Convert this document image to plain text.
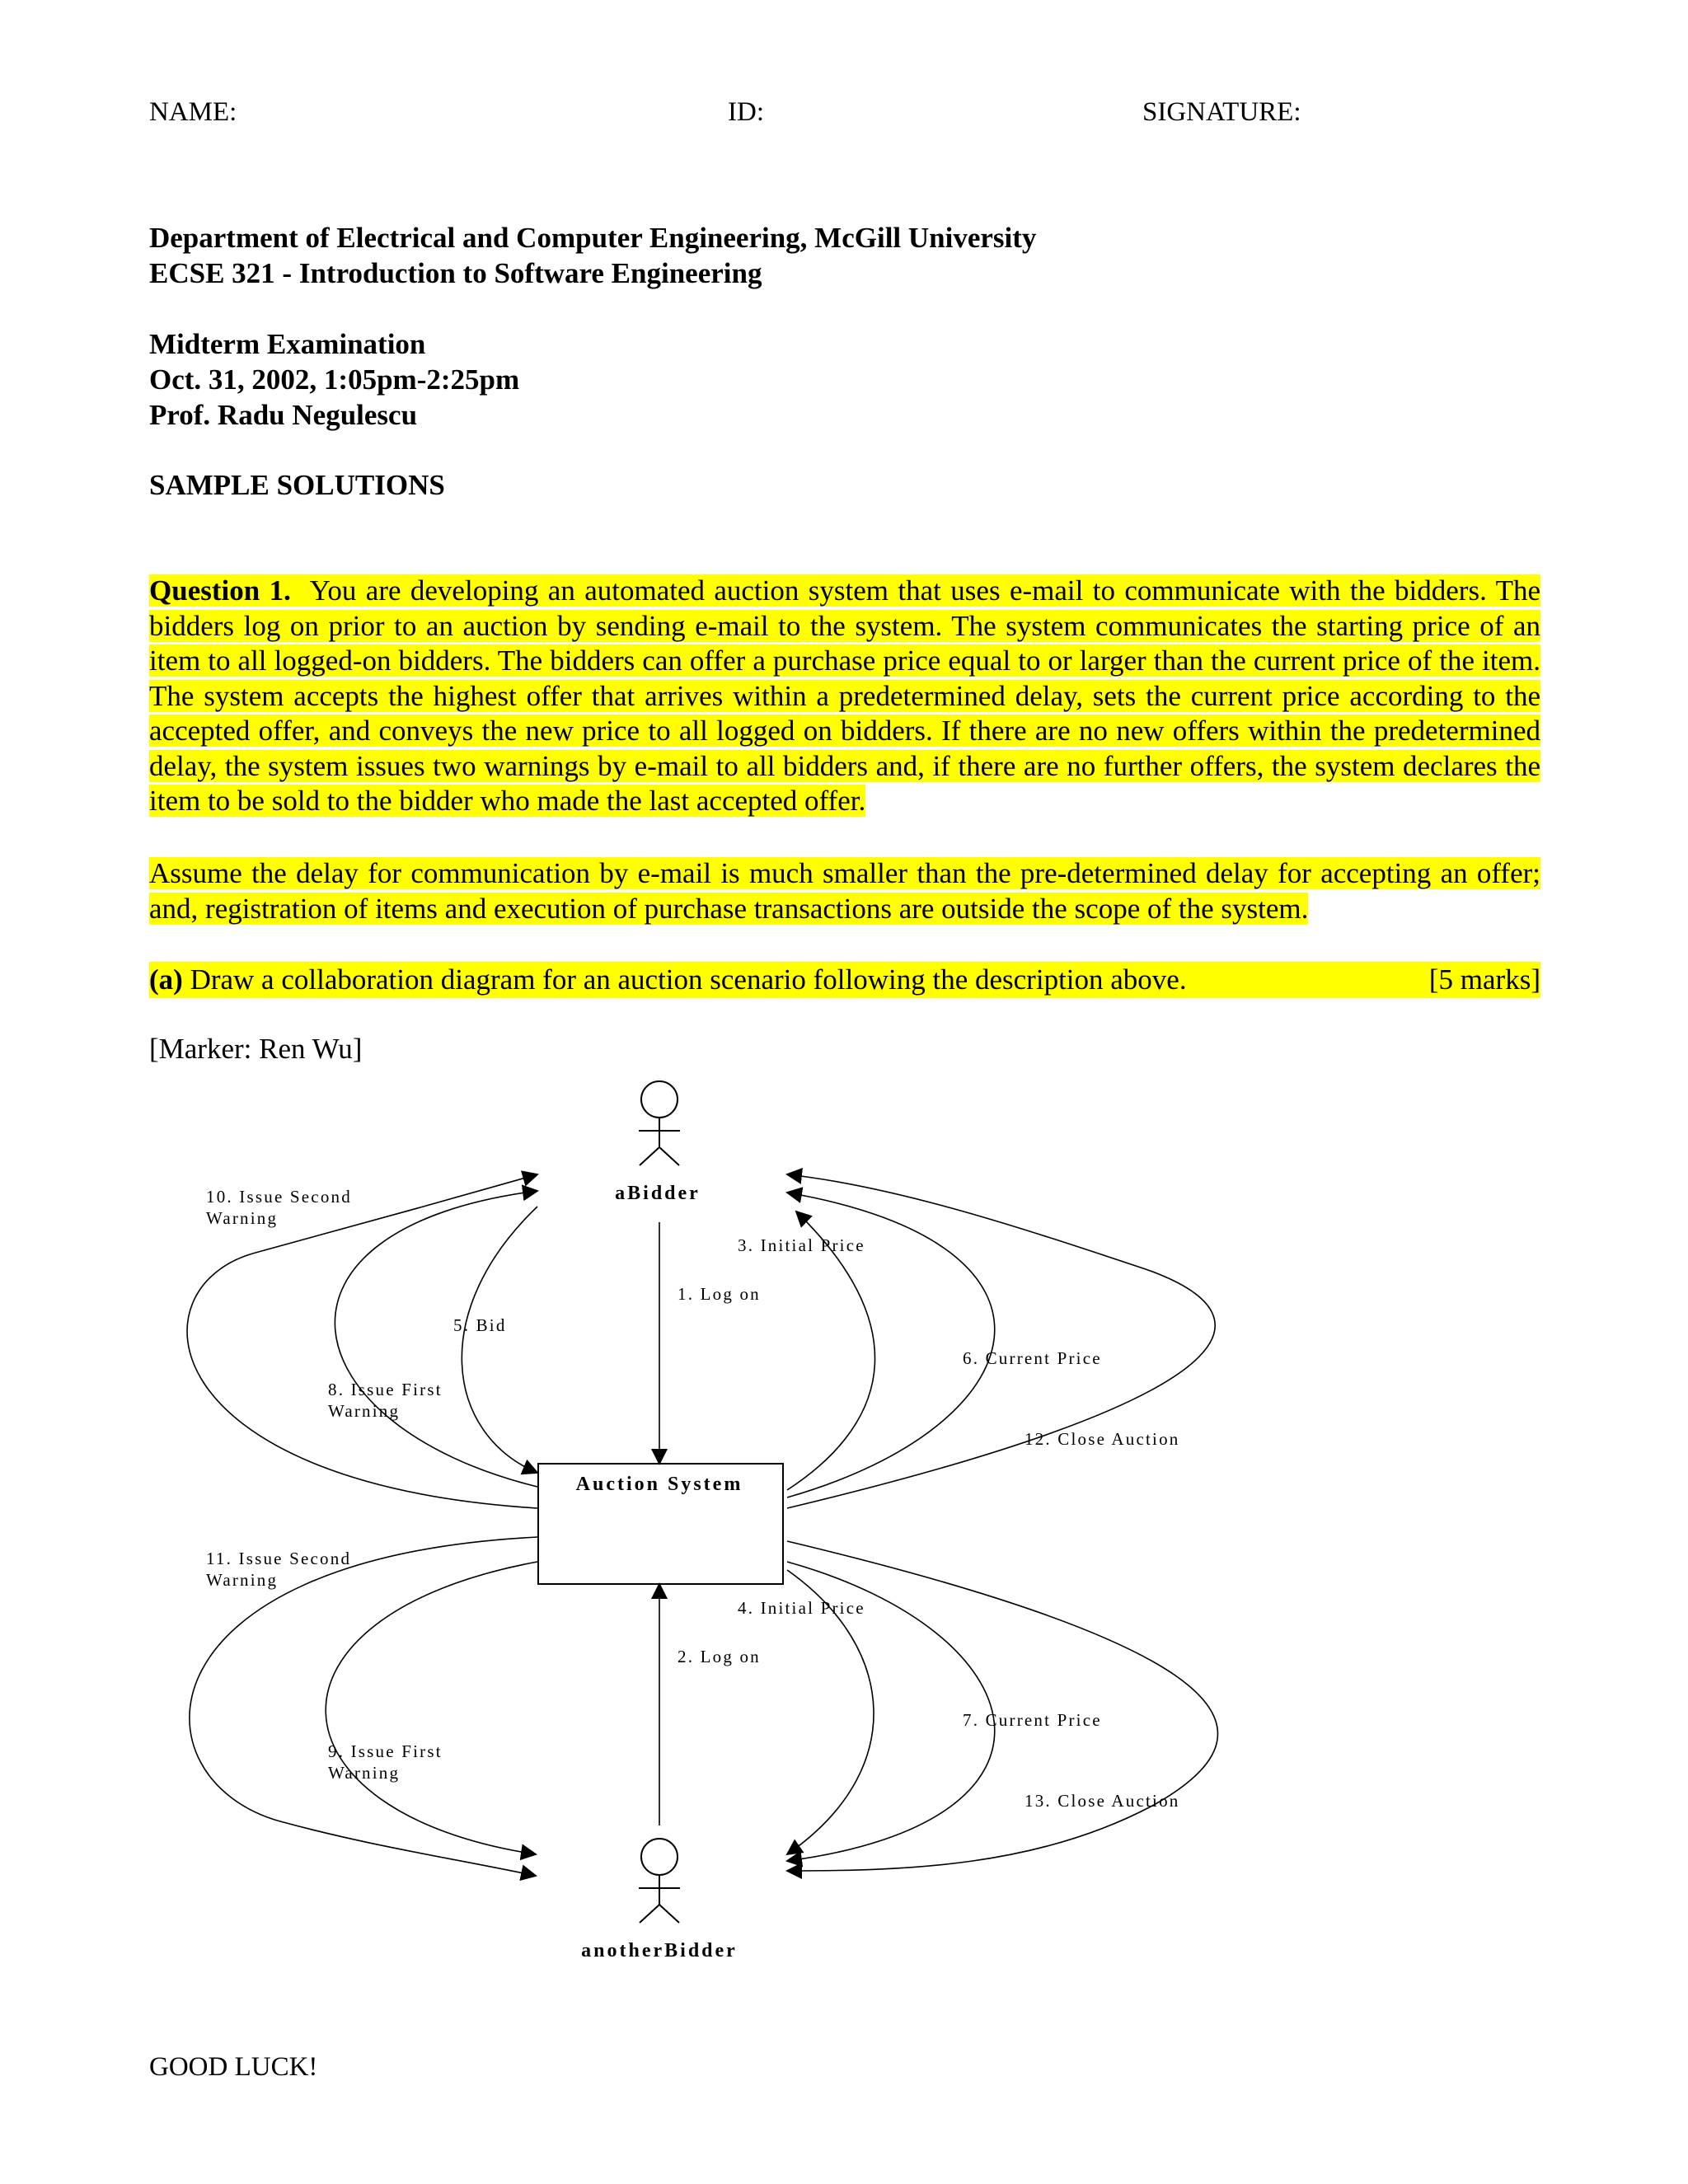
NAME:	ID:	SIGNATURE:
Department of Electrical and Computer Engineering, McGill University
ECSE 321 - Introduction to Software Engineering
Midterm Examination
Oct. 31, 2002, 1:05pm-2:25pm
Prof. Radu Negulescu
SAMPLE SOLUTIONS
Question 1. You are developing an automated auction system that uses e-mail to communicate with the bidders. The bidders log on prior to an auction by sending e-mail to the system. The system communicates the starting price of an item to all logged-on bidders. The bidders can offer a purchase price equal to or larger than the current price of the item. The system accepts the highest offer that arrives within a predetermined delay, sets the current price according to the accepted offer, and conveys the new price to all logged on bidders. If there are no new offers within the predetermined delay, the system issues two warnings by e-mail to all bidders and, if there are no further offers, the system declares the item to be sold to the bidder who made the last accepted offer.
Assume the delay for communication by e-mail is much smaller than the pre-determined delay for accepting an offer; and, registration of items and execution of purchase transactions are outside the scope of the system.
(a) Draw a collaboration diagram for an auction scenario following the description above.	[5 marks]
[Marker: Ren Wu]
aBidder
Auction System
anotherBidder
1. Log on
2. Log on
3. Initial Price
4. Initial Price
5. Bid
6. Current Price
7. Current Price
8. Issue First
Warning
9. Issue First
Warning
10. Issue Second
Warning
11. Issue Second
Warning
12. Close Auction
13. Close Auction
GOOD LUCK!
